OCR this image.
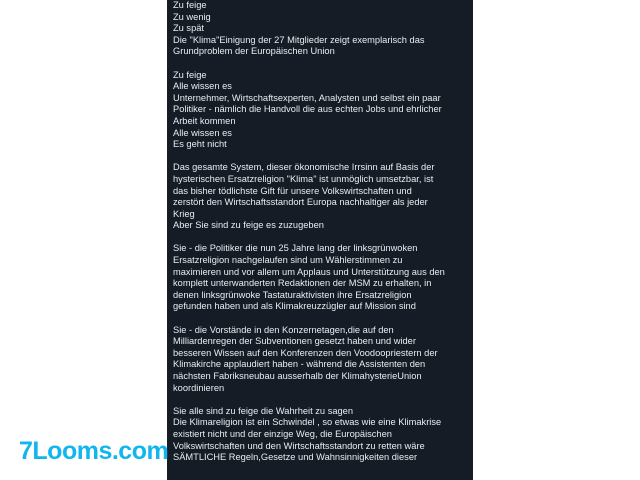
Zu feige
Zu wenig
Zu spät
Die "Klima"Einigung der 27 Mitglieder zeigt exemplarisch das
Grundproblem der Europäischen Union
Zu feige
Alle wissen es
Unternehmer, Wirtschaftsexperten, Analysten und selbst ein paar
Politiker - nämlich die Handvoll die aus echten Jobs und ehrlicher
Arbeit kommen
Alle wissen es
Es geht nicht
Das gesamte System, dieser ökonomische Irrsinn auf Basis der
hysterischen Ersatzreligion "Klima" ist unmöglich umsetzbar, ist
das bisher tödlichste Gift für unsere Volkswirtschaften und
zerstört den Wirtschaftsstandort Europa nachhaltiger als jeder
Krieg
Aber Sie sind zu feige es zuzugeben
Sie - die Politiker die nun 25 Jahre lang der linksgrünwoken
Ersatzreligion nachgelaufen sind um Wählerstimmen zu
maximieren und vor allem um Applaus und Unterstützung aus den
komplett unterwanderten Redaktionen der MSM zu erhalten, in
denen linksgrünwoke Tastaturaktivisten ihre Ersatzreligion
gefunden haben und als Klimakreuzzügler auf Mission sind
Sie - die Vorstände in den Konzernetagen,die auf den
Milliardenregen der Subventionen gesetzt haben und wider
besseren Wissen auf den Konferenzen den Voodoopriestern der
Klimakirche applaudiert haben - während die Assistenten den
nächsten Fabriksneubau ausserhalb der KlimahysterieUnion
koordinieren
Sie alle sind zu feige die Wahrheit zu sagen
Die Klimareligion ist ein Schwindel , so etwas wie eine Klimakrise
existiert nicht und der einzige Weg, die Europäischen
Volkswirtschaften und den Wirtschaftsstandort zu retten wäre
SÄMTLICHE Regeln,Gesetze und Wahnsinnigkeiten dieser
7Looms.com
